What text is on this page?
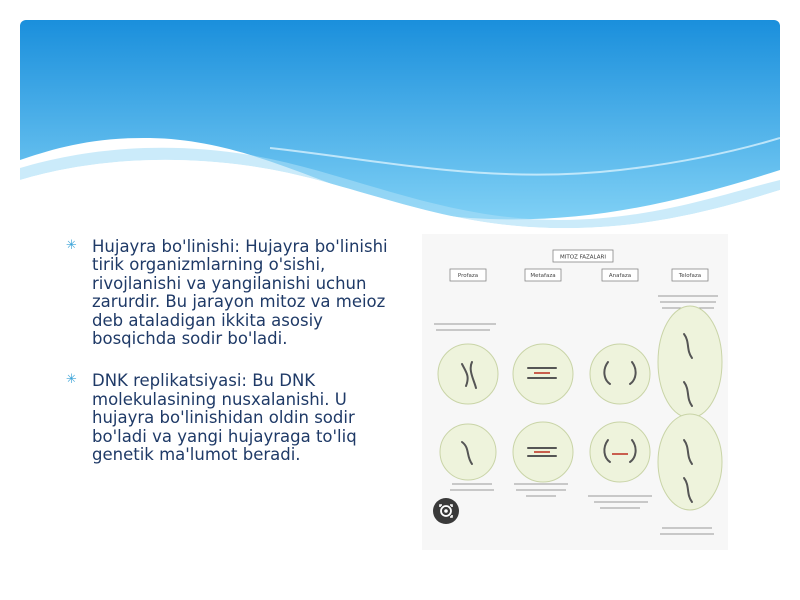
✳ Hujayra bo'linishi: Hujayra bo'linishi tirik organizmlarning o'sishi, rivojlanishi va yangilanishi uchun zarurdir. Bu jarayon mitoz va meioz deb ataladigan ikkita asosiy bosqichda sodir bo'ladi.
✳ DNK replikatsiyasi: Bu DNK molekulasining nusxalanishi. U hujayra bo'linishidan oldin sodir bo'ladi va yangi hujayraga to'liq genetik ma'lumot beradi.
MITOZ FAZALARI
Profaza	Metafaza	Anafaza	Telofaza
